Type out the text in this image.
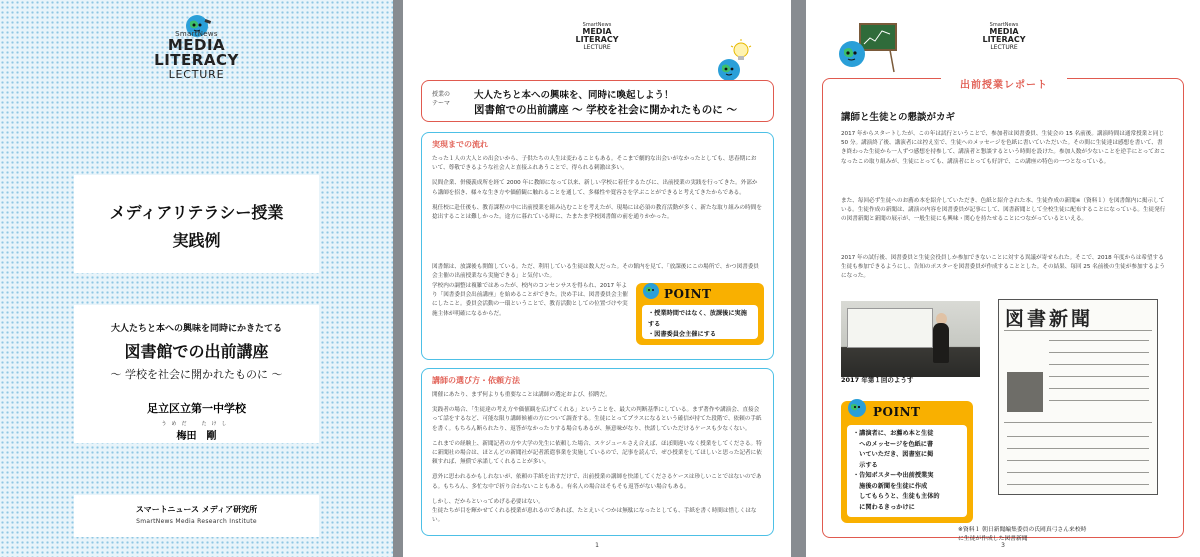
SmartNews
MEDIA
LITERACY
LECTURE
メディアリテラシー授業
実践例
大人たちと本への興味を同時にかきたてる
図書館での出前講座
～ 学校を社会に開かれたものに ～
足立区立第一中学校
うめだ　たけし
梅田　剛
スマートニュース メディア研究所
SmartNews Media Research Institute
SmartNews
MEDIA
LITERACY
LECTURE
授業の
テーマ
大人たちと本への興味を、同時に喚起しよう！
図書館での出前講座 ～ 学校を社会に開かれたものに ～
実現までの流れ

たった１人の大人との出会いから、子供たちの人生は変わることもある。そこまで劇的な出会いがなかったとしても、思春期において、尊敬できるような社会人と直接ふれあうことで、得られる刺激は多い。

民間企業、併優義成所を経て 2000 年に教師になって以来、新しい学校に着任するたびに、出前授業の実践を行ってきた。外部から講師を招き、様々な生き方や価値観に触れることを通して、多様性や寛容さを学ぶことができると考えてきたからである。

現任校に赴任後も、教育課程の中に出前授業を組み込むことを考えたが、現場には必須の教育活動が多く、新たな取り組みの時間を捻出することは難しかった。途方に暮れている時に、たまたま学校図書館の前を通りかかった。

図書館は、放課後も開館している。ただ、利用している生徒は数人だった。その館内を見て、「放課後にこの場所で、かつ図書委員会主催の出前授業なら実施できる」と気付いた。

学校内の調整は複雑ではあったが、校内のコンセンサスを得られ、2017 年より「図書委員会出前講座」を始めることができた。決め手は、図書委員会主催にしたこと。委員会活動の一環ということで、教育活動としての位置づけや実施主体が明確になるからだ。

POINT
・授業時間ではなく、放課後に実施する
・図書委員会主催にする
講師の選び方・依頼方法

開催にあたり、まず何よりも重要なことは講師の選定および、招聘だ。

実践者の場合、「生徒達の考え方や価値観を広げてくれる」ということを、最大の判断基準にしている。まず著作や講演会、直接会って話をするなど、可能な限り講師候補の方について調査する。生徒にとってプラスになるという確信が持てた段階で、依頼の手紙を書く。もちろん断られたり、返答がなかったりする場合もあるが、無意味がなり、快諾していただけるケースも少なくない。

これまでの経験上、新聞記者の方や大学の先生に依頼した場合、スケジュールさえ合えば、ほぼ間違いなく授業をしてくださる。特に新聞社の場合は、ほとんどの新聞社が記者派遣事業を実施しているので、記事を読んで、ぜひ授業をしてほしいと思った記者に依頼すれば、無償で承諾してくれることが多い。

意外に思われるかもしれないが、依頼の手紙を出すだけで、出前授業の講師を快諾してくださるケースは珍しいことではないのである。もちろん、多忙な中で折り合わないこともある。有名人の場合はそもそも返答がない場合もある。

しかし、だからといってめげる必要はない。
生徒たちが目を輝かせてくれる授業が恵れるのであれば、たとえいくつかは無駄になったとしても、手紙を書く時間は惜しくはない。
1
SmartNews
MEDIA
LITERACY
LECTURE
出前授業レポート
講師と生徒との懇談がカギ
2017 年からスタートしたが、この年は試行ということで、参加者は図書委員、生徒会の 15 名前後。講演時間は通常授業と同じ 50 分。講演終了後、講演者には控え室で、生徒へのメッセージを色紙に書いていただいた。その間に生徒達は感想を書いて、書き終わった生徒から一人ずつ感想を持参して、講演者と懇談するという時間を設けた。参加人数が少ないことを逆手にとっておこなったこの取り組みが、生徒にとっても、講演者にとっても好評で、この講座の特色の一つとなっている。
また、毎回必ず生徒へのお薦め本を紹介していただき、色紙と紹介された本、生徒作成の新聞※（資料１）を図書館内に掲示している。生徒作成の新聞は、講演の内容を図書委員が記事にして、図書新聞として全校生徒に配布することになっている。生徒発行の図書新聞と新聞の展示が、一般生徒にも興味・関心を持たせることにつながっているといえる。
2017 年の試行後、図書委員と生徒会役員しか参加できないことに対する異議が寄せられた。そこで、2018 年度からは希望する生徒も参加できるようにし、告知のポスターを図書委員が作成することとした。その結果、毎回 25 名前後の生徒が参加するようになった。
2017 年第１回のようす
POINT
・講演者に、お薦め本と生徒
　へのメッセージを色紙に書
　いていただき、図書室に掲
　示する
・告知ポスターや出前授業実
　施後の新聞を生徒に作成
　してもらうと、生徒も主体的
　に関わるきっかけに
図書新聞
※資料１ 朝日新聞編集委員の氏岡真弓さん来校時
に生徒が作成した図書新聞
3
